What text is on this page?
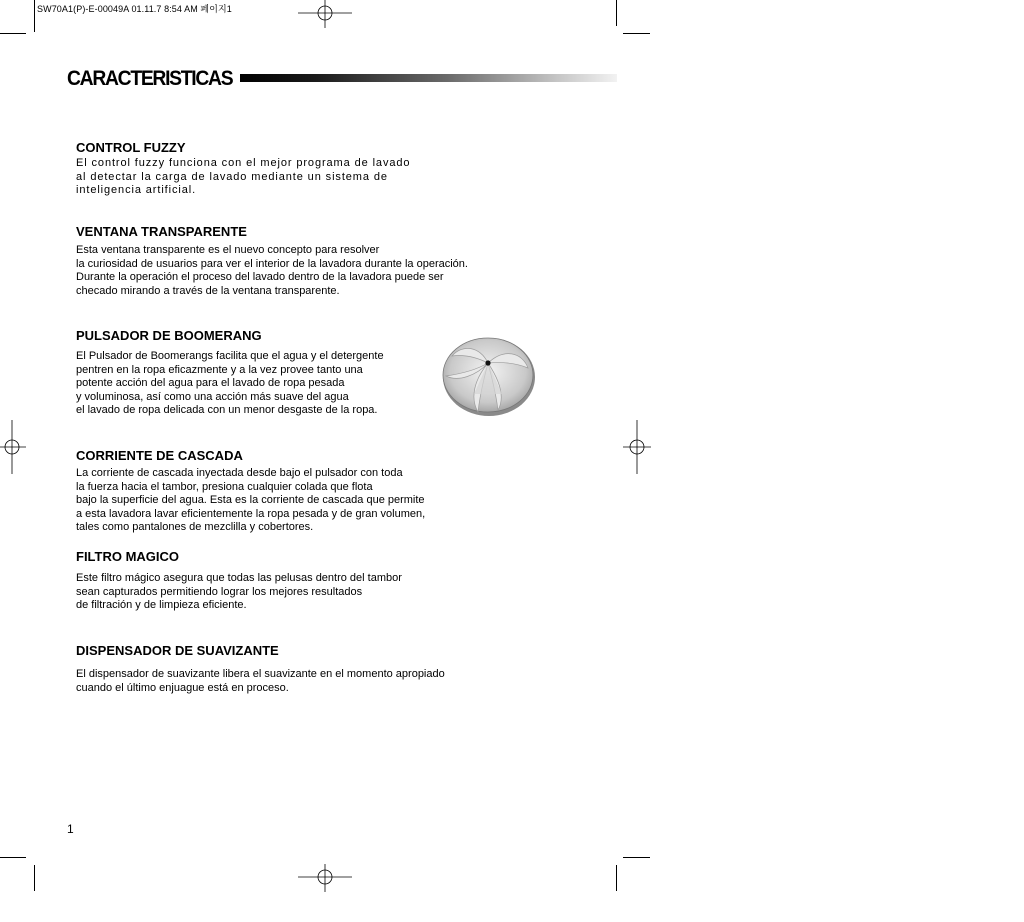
SW70A1(P)-E-00049A 01.11.7 8:54 AM 페이지1
CARACTERISTICAS
CONTROL FUZZY
El control fuzzy funciona con el mejor programa de lavado
al detectar la carga de lavado mediante un sistema de
inteligencia artificial.
VENTANA TRANSPARENTE
Esta ventana transparente es el nuevo concepto para resolver
la curiosidad de usuarios para ver el interior de la lavadora durante la operación.
Durante la operación el proceso del lavado dentro de la lavadora puede ser
checado mirando a través de la ventana transparente.
PULSADOR DE BOOMERANG
El Pulsador de Boomerangs facilita que el agua y el detergente
pentren en la ropa eficazmente y a la vez provee tanto una
potente acción del agua para el lavado de ropa pesada
y voluminosa, así como una acción más suave del agua
el lavado de ropa delicada con un menor desgaste de la ropa.
CORRIENTE DE CASCADA
La corriente de cascada inyectada desde bajo el pulsador con toda
la fuerza hacia el tambor, presiona cualquier colada que flota
bajo la superficie del agua. Esta es la corriente de cascada que permite
a esta lavadora lavar eficientemente la ropa pesada y de gran volumen,
tales como pantalones de mezclilla y cobertores.
FILTRO MAGICO
Este filtro mágico asegura que todas las pelusas dentro del tambor
sean capturados permitiendo lograr los mejores resultados
de filtración y de limpieza eficiente.
DISPENSADOR DE SUAVIZANTE
El dispensador de suavizante libera el suavizante en el momento apropiado
cuando el último enjuague está en proceso.
1
